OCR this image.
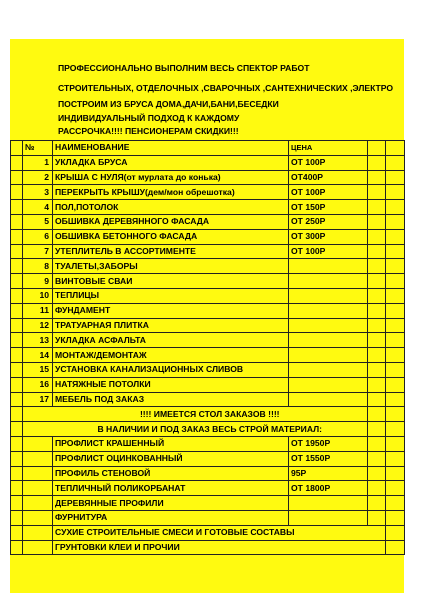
ПРОФЕССИОНАЛЬНО ВЫПОЛНИМ ВЕСЬ СПЕКТОР РАБОТ
СТРОИТЕЛЬНЫХ, ОТДЕЛОЧНЫХ ,СВАРОЧНЫХ ,САНТЕХНИЧЕСКИХ ,ЭЛЕКТРО
ПОСТРОИМ ИЗ БРУСА ДОМА,ДАЧИ,БАНИ,БЕСЕДКИ
ИНДИВИДУАЛЬНЫЙ ПОДХОД К КАЖДОМУ
РАССРОЧКА!!!! ПЕНСИОНЕРАМ СКИДКИ!!!
	№	НАИМЕНОВАНИЕ	ЦЕНА		
	1	УКЛАДКА БРУСА	ОТ 100Р		
	2	КРЫША С НУЛЯ(от мурлата до конька)	ОТ400Р		
	3	ПЕРЕКРЫТЬ КРЫШУ(дем/мон обрешотка)	ОТ 100Р		
	4	ПОЛ,ПОТОЛОК	ОТ 150Р		
	5	ОБШИВКА ДЕРЕВЯННОГО ФАСАДА	ОТ 250Р		
	6	ОБШИВКА БЕТОННОГО ФАСАДА	ОТ 300Р		
	7	УТЕПЛИТЕЛЬ В АССОРТИМЕНТЕ	ОТ 100Р		
	8	ТУАЛЕТЫ,ЗАБОРЫ			
	9	ВИНТОВЫЕ СВАИ			
	10	ТЕПЛИЦЫ			
	11	ФУНДАМЕНТ			
	12	ТРАТУАРНАЯ ПЛИТКА			
	13	УКЛАДКА АСФАЛЬТА			
	14	МОНТАЖ/ДЕМОНТАЖ			
	15	УСТАНОВКА КАНАЛИЗАЦИОННЫХ СЛИВОВ			
	16	НАТЯЖНЫЕ ПОТОЛКИ			
	17	МЕБЕЛЬ ПОД ЗАКАЗ			
		!!!! ИМЕЕТСЯ СТОЛ ЗАКАЗОВ !!!!			
		В НАЛИЧИИ И ПОД ЗАКАЗ ВЕСЬ СТРОЙ МАТЕРИАЛ:			
		ПРОФЛИСТ КРАШЕННЫЙ	ОТ 1950Р		
		ПРОФЛИСТ ОЦИНКОВАННЫЙ	ОТ 1550Р		
		ПРОФИЛЬ СТЕНОВОЙ	95Р		
		ТЕПЛИЧНЫЙ ПОЛИКОРБАНАТ	ОТ 1800Р		
		ДЕРЕВЯННЫЕ ПРОФИЛИ			
		ФУРНИТУРА			
		СУХИЕ СТРОИТЕЛЬНЫЕ СМЕСИ И ГОТОВЫЕ СОСТАВЫ			
		ГРУНТОВКИ КЛЕИ И ПРОЧИИ			
